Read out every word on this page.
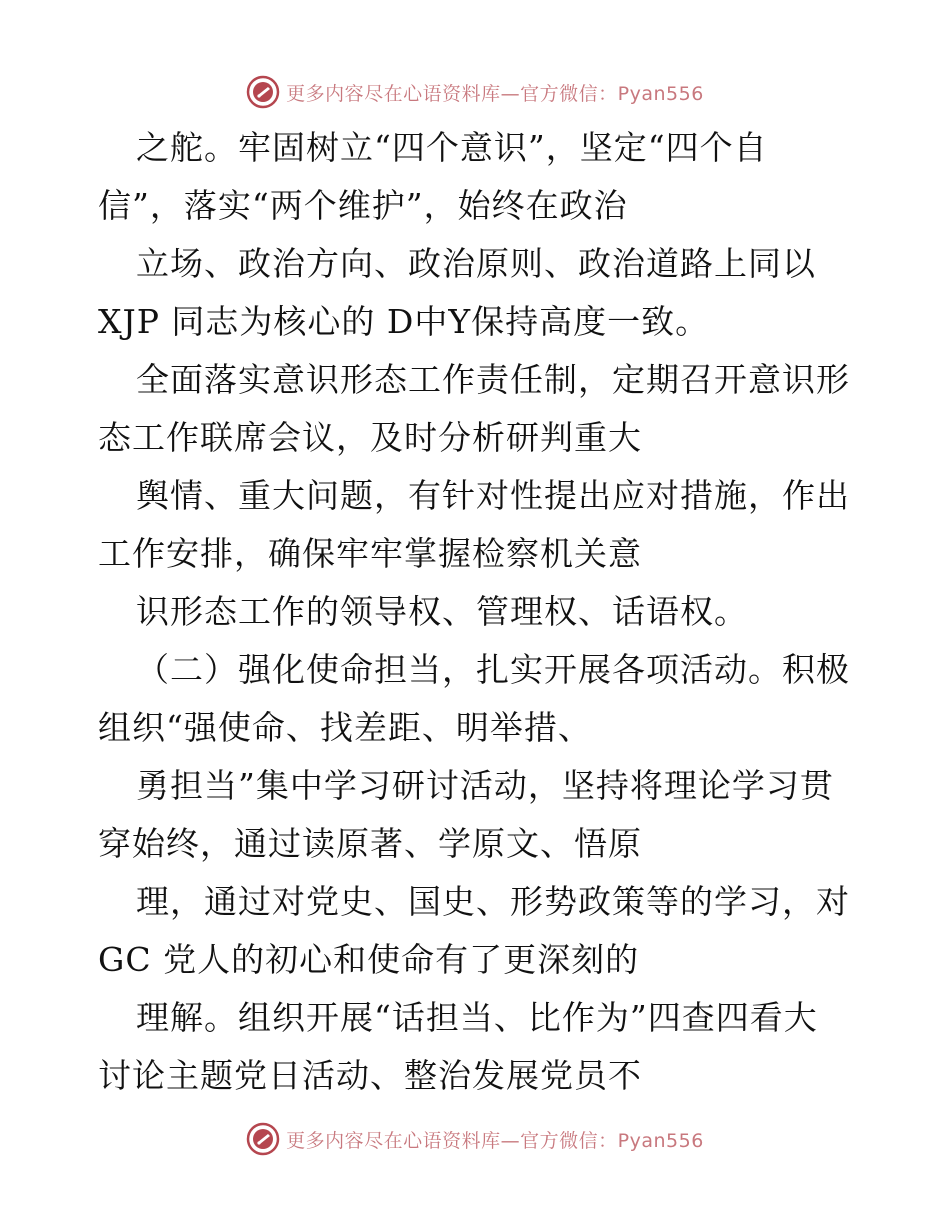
更多内容尽在心语资料库—官方微信：Pyan556
之舵。牢固树立“四个意识”，坚定“四个自
信”，落实“两个维护”，始终在政治
立场、政治方向、政治原则、政治道路上同以
XJP 同志为核心的 D中Y保持高度一致。
全面落实意识形态工作责任制，定期召开意识形
态工作联席会议，及时分析研判重大
舆情、重大问题，有针对性提出应对措施，作出
工作安排，确保牢牢掌握检察机关意
识形态工作的领导权、管理权、话语权。
（二）强化使命担当，扎实开展各项活动。积极
组织“强使命、找差距、明举措、
勇担当”集中学习研讨活动，坚持将理论学习贯
穿始终，通过读原著、学原文、悟原
理，通过对党史、国史、形势政策等的学习，对
GC 党人的初心和使命有了更深刻的
理解。组织开展“话担当、比作为”四查四看大
讨论主题党日活动、整治发展党员不
更多内容尽在心语资料库—官方微信：Pyan556
